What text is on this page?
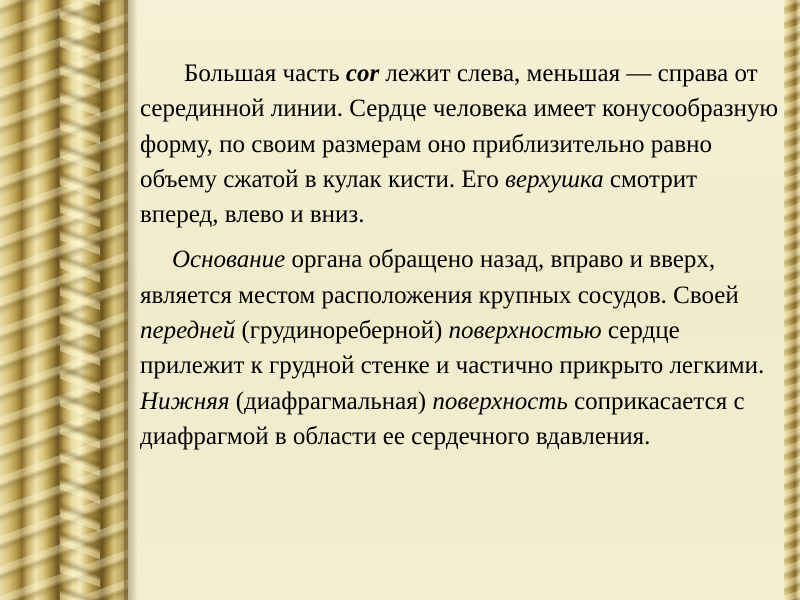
Большая часть cor лежит слева, меньшая — справа от серединной линии. Сердце человека имеет конусообразную форму, по своим размерам оно приблизительно равно объему сжатой в кулак кисти. Его верхушка смотрит вперед, влево и вниз.

Основание органа обращено назад, вправо и вверх, является местом расположения крупных сосудов. Своей передней (грудинореберной) поверхностью сердце прилежит к грудной стенке и частично прикрыто легкими. Нижняя (диафрагмальная) поверхность соприкасается с диафрагмой в области ее сердечного вдавления.
